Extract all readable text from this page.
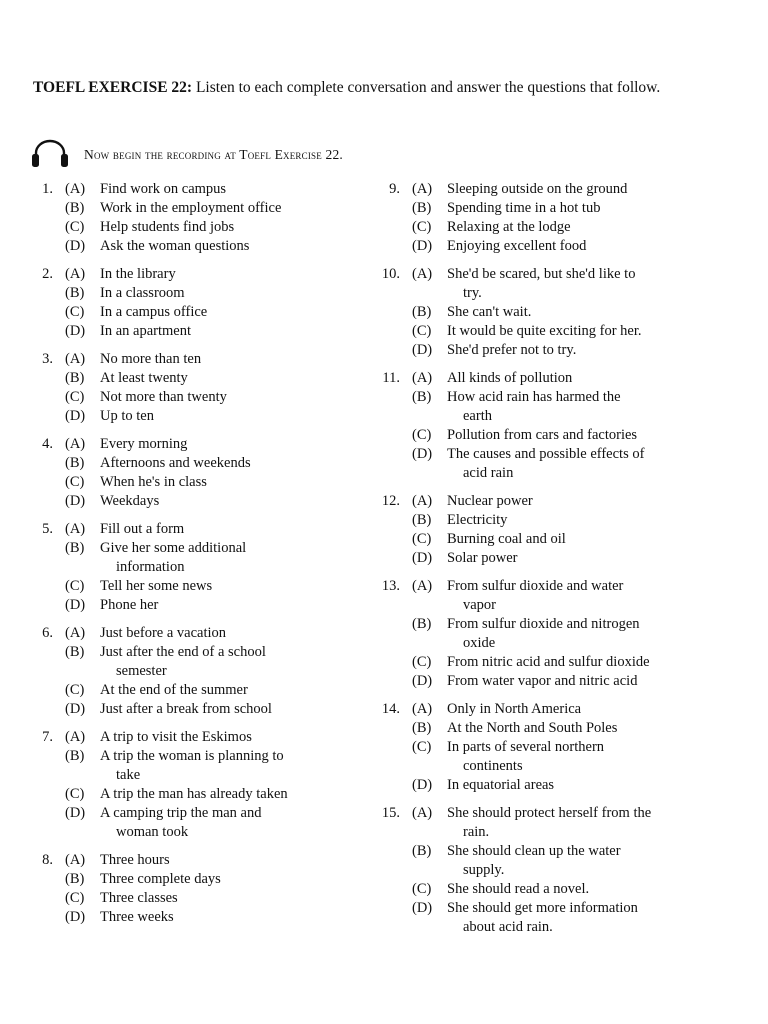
TOEFL EXERCISE 22: Listen to each complete conversation and answer the questions that follow.
Now begin the recording at Toefl Exercise 22.
1. (A)	Find work on campus
(B)	Work in the employment office
(C)	Help students find jobs
(D)	Ask the woman questions
2. (A)	In the library
(B)	In a classroom
(C)	In a campus office
(D)	In an apartment
3. (A)	No more than ten
(B)	At least twenty
(C)	Not more than twenty
(D)	Up to ten
4. (A)	Every morning
(B)	Afternoons and weekends
(C)	When he's in class
(D)	Weekdays
5. (A)	Fill out a form
(B)	Give her some additional
information
(C)	Tell her some news
(D)	Phone her
6. (A)	Just before a vacation
(B)	Just after the end of a school
semester
(C)	At the end of the summer
(D)	Just after a break from school
7. (A)	A trip to visit the Eskimos
(B)	A trip the woman is planning to
take
(C)	A trip the man has already taken
(D)	A camping trip the man and
woman took
8. (A)	Three hours
(B)	Three complete days
(C)	Three classes
(D)	Three weeks
9. (A)	Sleeping outside on the ground
(B)	Spending time in a hot tub
(C)	Relaxing at the lodge
(D)	Enjoying excellent food
10. (A)	She'd be scared, but she'd like to
try.
(B)	She can't wait.
(C)	It would be quite exciting for her.
(D)	She'd prefer not to try.
11. (A)	All kinds of pollution
(B)	How acid rain has harmed the
earth
(C)	Pollution from cars and factories
(D)	The causes and possible effects of
acid rain
12. (A)	Nuclear power
(B)	Electricity
(C)	Burning coal and oil
(D)	Solar power
13. (A)	From sulfur dioxide and water
vapor
(B)	From sulfur dioxide and nitrogen
oxide
(C)	From nitric acid and sulfur dioxide
(D)	From water vapor and nitric acid
14. (A)	Only in North America
(B)	At the North and South Poles
(C)	In parts of several northern
continents
(D)	In equatorial areas
15. (A)	She should protect herself from the
rain.
(B)	She should clean up the water
supply.
(C)	She should read a novel.
(D)	She should get more information
about acid rain.
